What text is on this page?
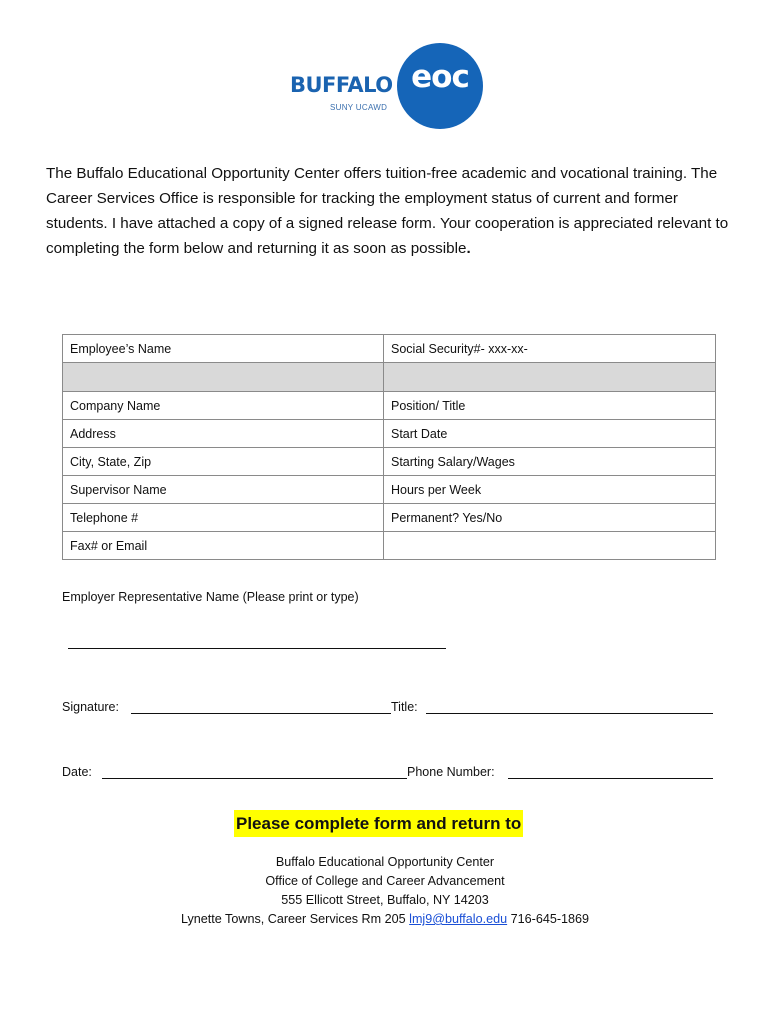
BUFFALO
SUNY UCAWD
eoc

The Buffalo Educational Opportunity Center offers tuition-free academic and vocational training. The Career Services Office is responsible for tracking the employment status of current and former students. I have attached a copy of a signed release form. Your cooperation is appreciated relevant to completing the form below and returning it as soon as possible.

Employee’s Name	Social Security#- xxx-xx-

Company Name	Position/ Title
Address	Start Date
City, State, Zip	Starting Salary/Wages
Supervisor Name	Hours per Week
Telephone #	Permanent? Yes/No
Fax# or Email	
Employer Representative Name (Please print or type)
Signature:	Title:
Date:	Phone Number:
Please complete form and return to
Buffalo Educational Opportunity Center
Office of College and Career Advancement
555 Ellicott Street, Buffalo, NY 14203
Lynette Towns, Career Services Rm 205 lmj9@buffalo.edu 716-645-1869
